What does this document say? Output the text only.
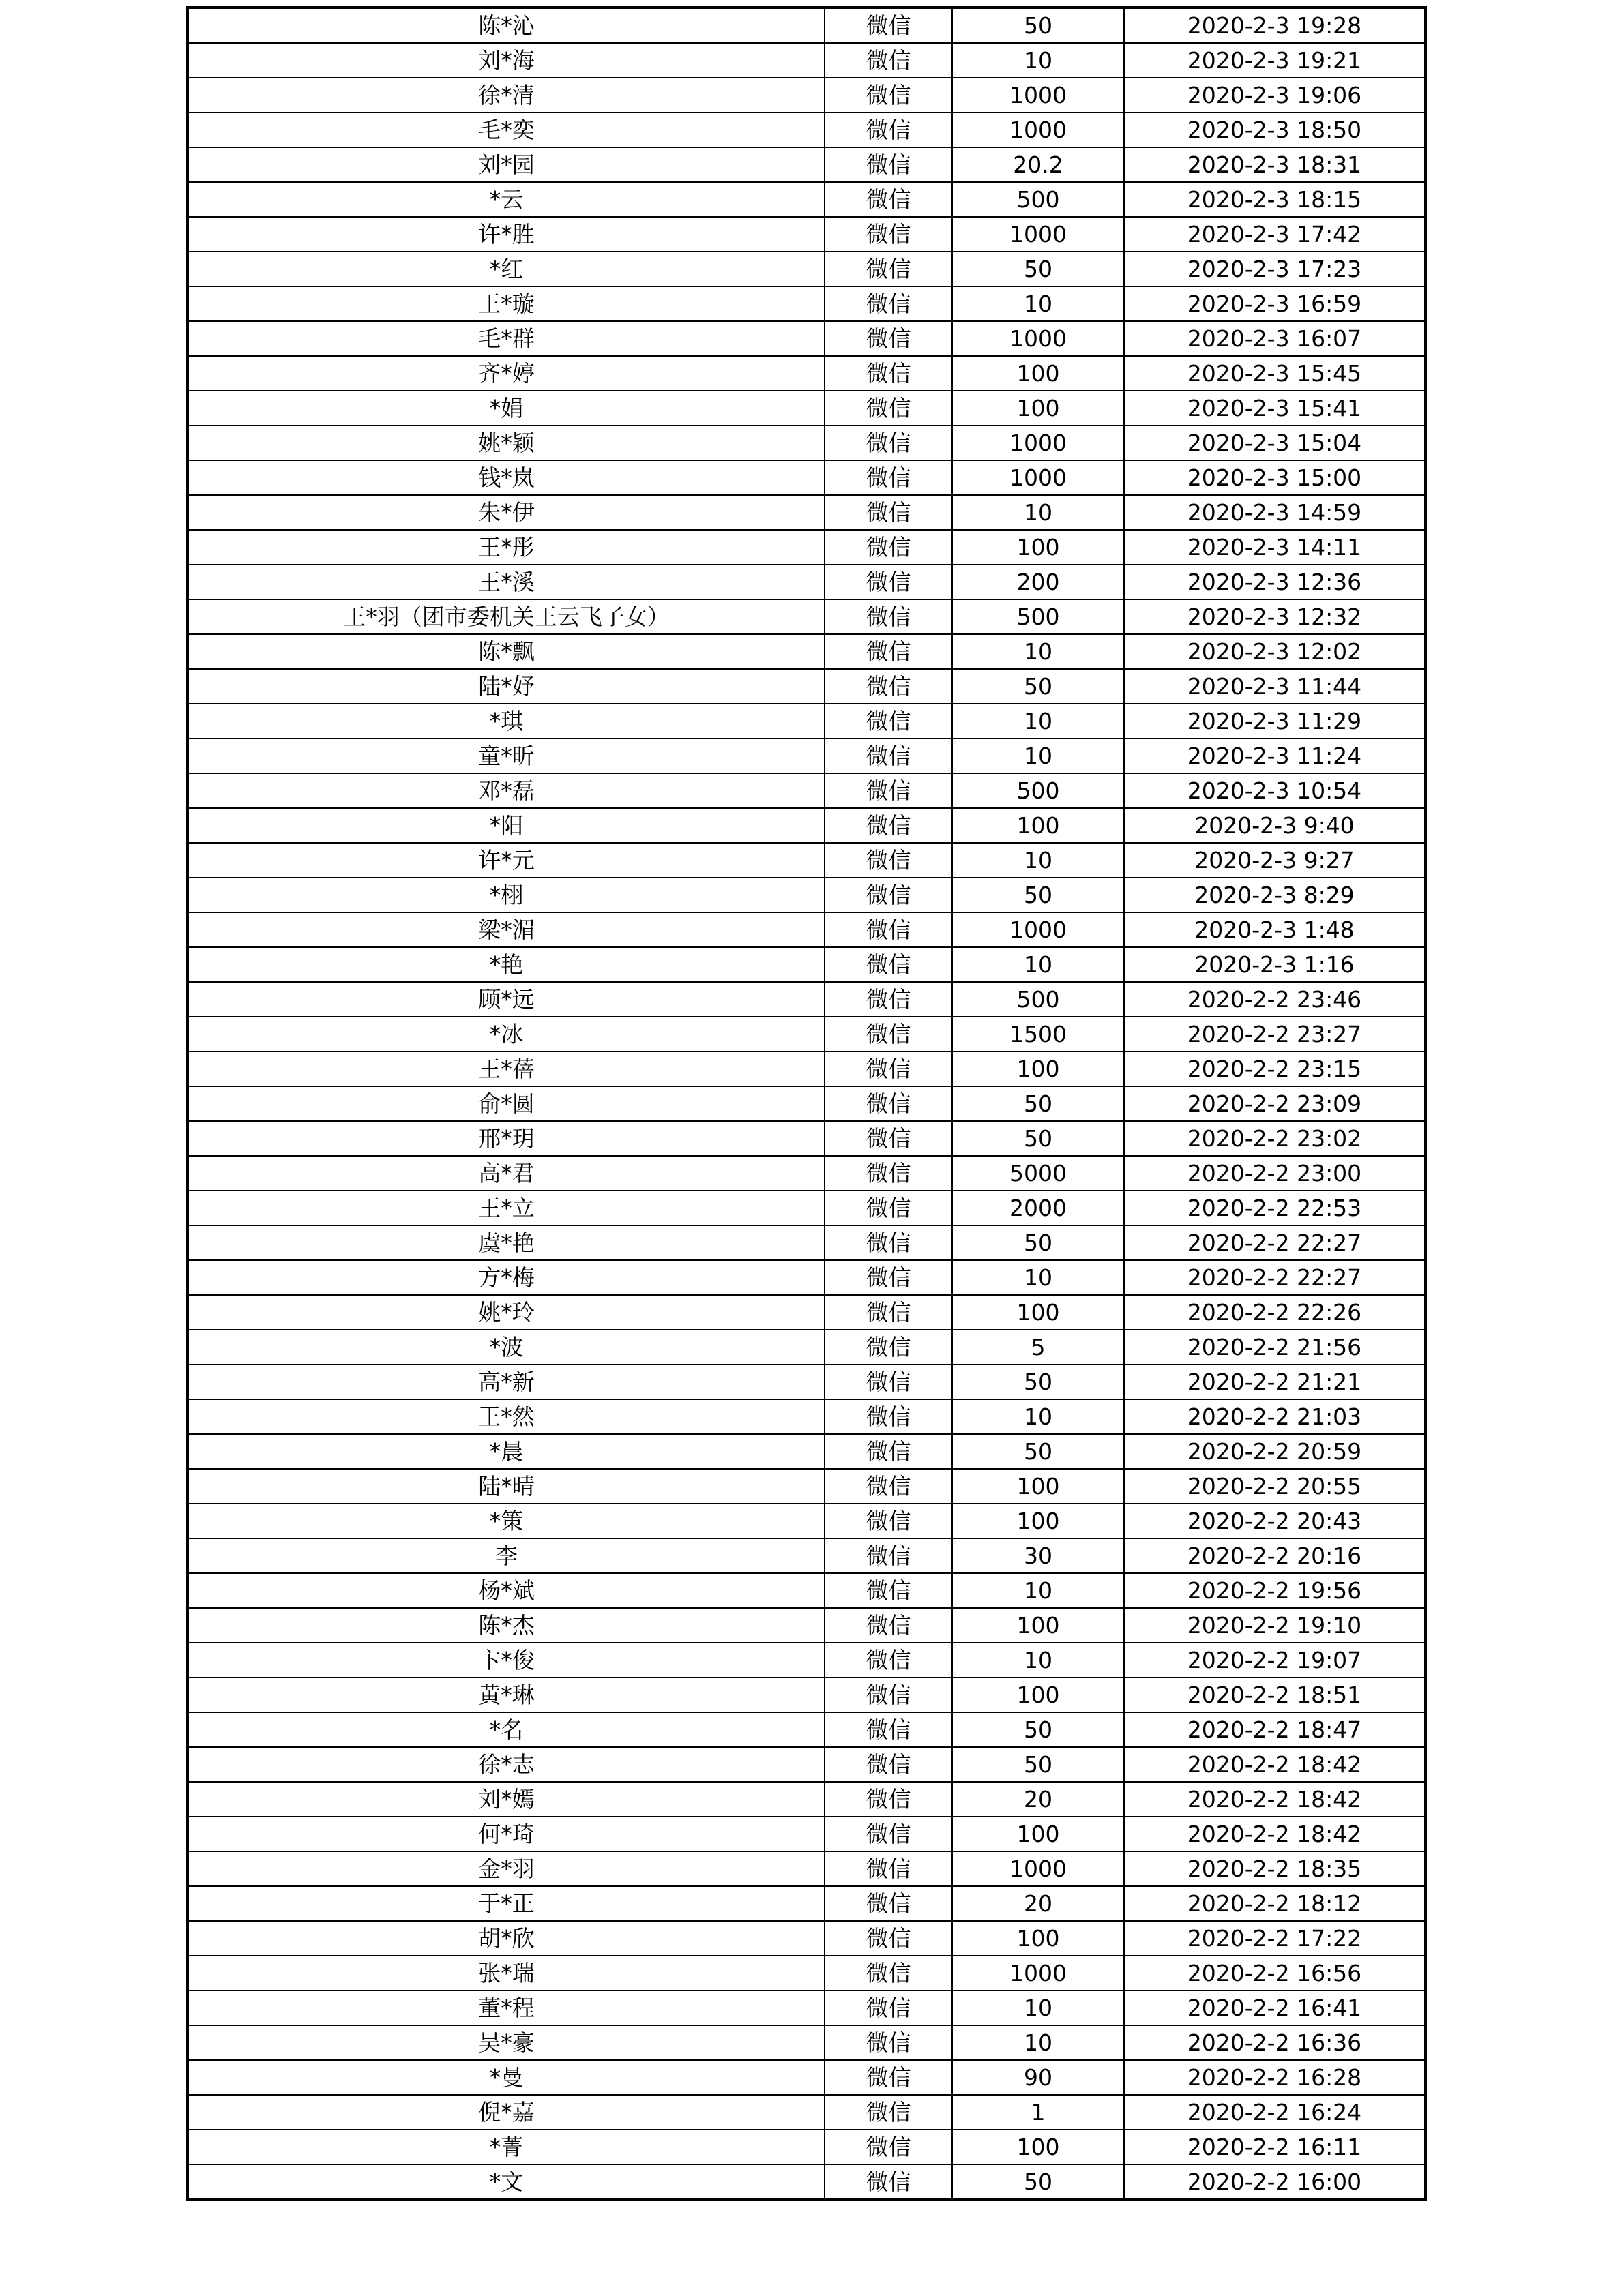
陈*沁	微信	50	2020-2-3 19:28
刘*海	微信	10	2020-2-3 19:21
徐*清	微信	1000	2020-2-3 19:06
毛*奕	微信	1000	2020-2-3 18:50
刘*园	微信	20.2	2020-2-3 18:31
*云	微信	500	2020-2-3 18:15
许*胜	微信	1000	2020-2-3 17:42
*红	微信	50	2020-2-3 17:23
王*璇	微信	10	2020-2-3 16:59
毛*群	微信	1000	2020-2-3 16:07
齐*婷	微信	100	2020-2-3 15:45
*娟	微信	100	2020-2-3 15:41
姚*颖	微信	1000	2020-2-3 15:04
钱*岚	微信	1000	2020-2-3 15:00
朱*伊	微信	10	2020-2-3 14:59
王*彤	微信	100	2020-2-3 14:11
王*溪	微信	200	2020-2-3 12:36
王*羽（团市委机关王云飞子女）	微信	500	2020-2-3 12:32
陈*飘	微信	10	2020-2-3 12:02
陆*妤	微信	50	2020-2-3 11:44
*琪	微信	10	2020-2-3 11:29
童*昕	微信	10	2020-2-3 11:24
邓*磊	微信	500	2020-2-3 10:54
*阳	微信	100	2020-2-3 9:40
许*元	微信	10	2020-2-3 9:27
*栩	微信	50	2020-2-3 8:29
梁*湄	微信	1000	2020-2-3 1:48
*艳	微信	10	2020-2-3 1:16
顾*远	微信	500	2020-2-2 23:46
*冰	微信	1500	2020-2-2 23:27
王*蓓	微信	100	2020-2-2 23:15
俞*圆	微信	50	2020-2-2 23:09
邢*玥	微信	50	2020-2-2 23:02
高*君	微信	5000	2020-2-2 23:00
王*立	微信	2000	2020-2-2 22:53
虞*艳	微信	50	2020-2-2 22:27
方*梅	微信	10	2020-2-2 22:27
姚*玲	微信	100	2020-2-2 22:26
*波	微信	5	2020-2-2 21:56
高*新	微信	50	2020-2-2 21:21
王*然	微信	10	2020-2-2 21:03
*晨	微信	50	2020-2-2 20:59
陆*晴	微信	100	2020-2-2 20:55
*策	微信	100	2020-2-2 20:43
李	微信	30	2020-2-2 20:16
杨*斌	微信	10	2020-2-2 19:56
陈*杰	微信	100	2020-2-2 19:10
卞*俊	微信	10	2020-2-2 19:07
黄*琳	微信	100	2020-2-2 18:51
*名	微信	50	2020-2-2 18:47
徐*志	微信	50	2020-2-2 18:42
刘*嫣	微信	20	2020-2-2 18:42
何*琦	微信	100	2020-2-2 18:42
金*羽	微信	1000	2020-2-2 18:35
于*正	微信	20	2020-2-2 18:12
胡*欣	微信	100	2020-2-2 17:22
张*瑞	微信	1000	2020-2-2 16:56
董*程	微信	10	2020-2-2 16:41
吴*豪	微信	10	2020-2-2 16:36
*曼	微信	90	2020-2-2 16:28
倪*嘉	微信	1	2020-2-2 16:24
*菁	微信	100	2020-2-2 16:11
*文	微信	50	2020-2-2 16:00
